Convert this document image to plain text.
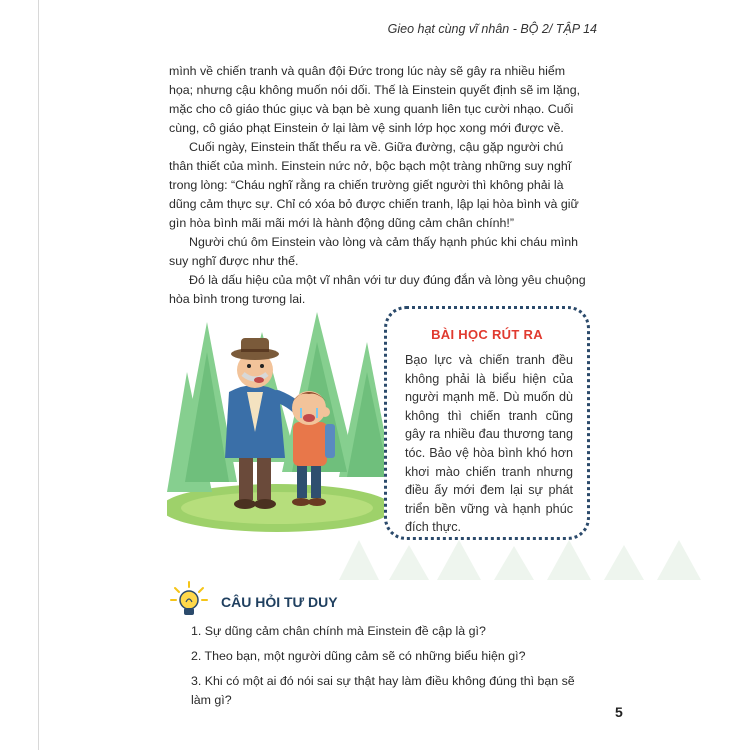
Gieo hạt cùng vĩ nhân - BỘ 2/ TẬP 14

mình về chiến tranh và quân đội Đức trong lúc này sẽ gây ra nhiều hiểm họa; nhưng cậu không muốn nói dối. Thế là Einstein quyết định sẽ im lặng, mặc cho cô giáo thúc giục và bạn bè xung quanh liên tục cười nhạo. Cuối cùng, cô giáo phạt Einstein ở lại làm vệ sinh lớp học xong mới được về.

Cuối ngày, Einstein thất thểu ra về. Giữa đường, cậu gặp người chú thân thiết của mình. Einstein nức nở, bộc bạch một tràng những suy nghĩ trong lòng: “Cháu nghĩ rằng ra chiến trường giết người thì không phải là dũng cảm thực sự. Chỉ có xóa bỏ được chiến tranh, lập lại hòa bình và giữ gìn hòa bình mãi mãi mới là hành động dũng cảm chân chính!”

Người chú ôm Einstein vào lòng và cảm thấy hạnh phúc khi cháu mình suy nghĩ được như thế.

Đó là dấu hiệu của một vĩ nhân với tư duy đúng đắn và lòng yêu chuộng hòa bình trong tương lai.

BÀI HỌC RÚT RA
Bạo lực và chiến tranh đều không phải là biểu hiện của người mạnh mẽ. Dù muốn dù không thì chiến tranh cũng gây ra nhiều đau thương tang tóc. Bảo vệ hòa bình khó hơn khơi mào chiến tranh nhưng điều ấy mới đem lại sự phát triển bền vững và hạnh phúc đích thực.
CÂU HỎI TƯ DUY
1. Sự dũng cảm chân chính mà Einstein đề cập là gì?
2. Theo bạn, một người dũng cảm sẽ có những biểu hiện gì?
3. Khi có một ai đó nói sai sự thật hay làm điều không đúng thì bạn sẽ làm gì?
5
